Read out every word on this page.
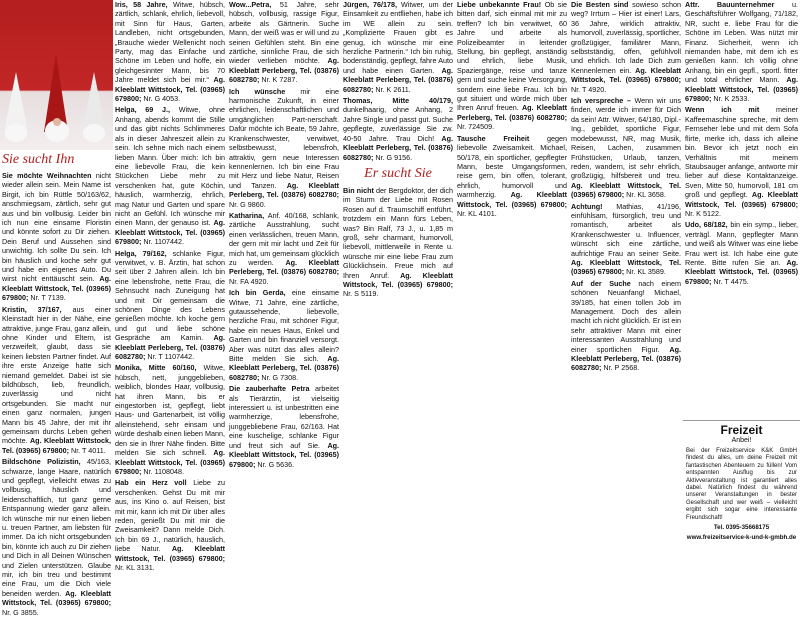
Sie sucht Ihn

Sie möchte Weihnachten nicht wieder allein sein. Mein Name ist Birgit, ich bin Rüttle 50/163/62, anschmiegsam, zärtlich, sehr gut aus und bin vollbusig. Leider bin ich nun eine einsame Floristin und könnte sofort zu Dir ziehen. Dein Beruf und Aussehen sind unwichtig. Ich sollte Du sein. Ich bin häuslich und koche sehr gut und habe ein eigenes Auto. Du wirst nicht enttäuscht sein. Ag. Kleeblatt Wittstock, Tel. (03965) 679800; Nr. T 7139.

Kristin, 37/167, aus einer Kleinstadt hier in der Nähe, eine attraktive, junge Frau, ganz allein, ohne Kinder und Eltern, ist verzweifelt, glaubt, dass sie keinen liebsten Partner findet. Auf ihre erste Anzeige hatte sich niemand gemeldet. Dabei ist sie bildhübsch, lieb, freundlich, zuverlässig und nicht ortsgebunden. Sie macht nur einen ganz normalen, jungen Mann bis 45 Jahre, der mit ihr gemeinsam durchs Leben gehen möchte. Ag. Kleeblatt Wittstock, Tel. (03965) 679800; Nr. T 4011.

Bildschöne Polizistin, 45/163, schwarze, lange Haare, natürlich und gepflegt, vielleicht etwas zu vollbusig, häuslich und leidenschaftlich, tut ganz gerne Entspannung wieder ganz allein. Ich wünsche mir nur einen lieben u. treuen Partner, am liebsten für immer. Da ich nicht ortsgebunden bin, könnte ich auch zu Dir ziehen und Dich in all Deinen Wünschen und Zielen unterstützen. Glaube mir, ich bin treu und bestimmt eine Frau, um die Dich viele beneiden werden. Ag. Kleeblatt Wittstock, Tel. (03965) 679800; Nr. G 3855.

Iris, 58 Jahre, Witwe, hübsch, zärtlich, schlank, ehrlich, liebevoll, mit Sinn für Haus, Garten, Landleben, nicht ortsgebunden, „Brauche wieder Wellenicht noch Party, mag das Einfache und Schöne im Leben und hoffe, ein gleichgesinnter Mann, bis 70 Jahre meldet sich bei mir.“ Ag. Kleeblatt Wittstock, Tel. (03965) 679800; Nr. G 4053.

Helga, 69 J., Witwe, ohne Anhang, abends kommt die Stille und das gibt nichts Schlimmeres als in dieser Jahreszeit allein zu sein. Ich sehne mich nach einem lieben Mann. Über mich: Ich bin eine liebevolle Frau, die kein Stückchen Liebe mehr zu verschenken hat, gute Köchin, häuslich, warmherzig, ehrlich, mag Natur und Garten und spare nicht an Gefühl. Ich wünsche mir einen Mann, der genauso ist. Ag. Kleeblatt Wittstock, Tel. (03965) 679800; Nr. 1107442.

Helga, 79/162, schlanke Figur, verwitwet, v. B. Ärztin, hat schon seit über 2 Jahren allein. Ich bin eine lebensfrohe, nette Frau, die Sehnsucht nach Zuneigung hat und mit Dir gemeinsam die schönen Dinge des Lebens genießen möchte. Ich koche gern und gut und liebe schöne Gespräche am Kamin. Ag. Kleeblatt Perleberg, Tel. (03876) 6082780; Nr. T 1107442.

Monika, Mitte 60/160, Witwe, hübsch, nett, junggeblieben, weiblich, blondes Haar, vollbusig, hat ihren Mann, bis er eingestorben ist, gepflegt, liebt Haus- und Gartenarbeit, ist völlig alleinstehend, sehr einsam und würde deshalb einen lieben Mann, den sie in Ihrer Nähe finden. Bitte melden Sie sich schnell. Ag. Kleeblatt Wittstock, Tel. (03965) 679800; Nr. 1108048.

Hab ein Herz voll Liebe zu verschenken. Gehst Du mit mir aus, ins Kino o. auf Reisen, bist mit mir, kann ich mit Dir über alles reden, genießt Du mit mir die Zweisamkeit? Dann melde Dich. Ich bin 69 J., natürlich, häuslich, liebe Natur. Ag. Kleeblatt Wittstock, Tel. (03965) 679800; Nr. KL 3131.

Wow...Petra, 51 Jahre, sehr hübsch, vollbusig, rassige Figur, arbeite als Gärtnerin. Suche Mann, der weiß was er will und zu seinen Gefühlen steht. Bin eine zärtliche, sinnliche Frau, die sich wieder verlieben möchte. Ag. Kleeblatt Perleberg, Tel. (03876) 6082780; Nr. K 7287.

Ich wünsche mir eine harmonische Zukunft, in einer ehrlichen, leidenschaftlichen und umgänglichen Part-nerschaft. Dafür möchte ich Beate, 59 Jahre, Krankenschwester, verwitwet, selbstbewusst, lebensfroh, attraktiv, gern neue Interessen kennenlernen. Ich bin eine Frau mit Herz und liebe Natur, Reisen und Tanzen. Ag. Kleeblatt Perleberg, Tel. (03876) 6082780; Nr. G 9860.

Katharina, Anf. 40/168, schlank, zärtliche Ausstrahlung, sucht einen verlässlichen, treuen Mann, der gern mit mir lacht und Zeit für mich hat, um gemeinsam glücklich zu werden. Ag. Kleeblatt Perleberg, Tel. (03876) 6082780; Nr. FA 4920.

Ich bin Gerda, eine einsame Witwe, 71 Jahre, eine zärtliche, gutaussehende, liebevolle, herzliche Frau, mit schöner Figur, habe ein neues Haus, Enkel und Garten und bin finanziell versorgt. Aber was nützt das alles allein? Bitte melden Sie sich. Ag. Kleeblatt Perleberg, Tel. (03876) 6082780; Nr. G 7308.

Die zauberhafte Petra arbeitet als Tierärztin, ist vielseitig interessiert u. ist unbestritten eine warmherzige, lebensfrohe, junggebliebene Frau, 62/163. Hat eine kuschelige, schlanke Figur und freut sich auf Sie. Ag. Kleeblatt Wittstock, Tel. (03965) 679800; Nr. G 5636.

Jürgen, 76/178, Witwer, um der Einsamkeit zu entfliehen, habe ich im WE allein zu sein. „Komplizierte Frauen gibt es genug, ich wünsche mir eine herzliche Partnerin.“ Ich bin ruhig, bodenständig, gepflegt, fahre Auto und habe einen Garten. Ag. Kleeblatt Perleberg, Tel. (03876) 6082780; Nr. K 2611.

Thomas, Mitte 40/179, dunkelhaarig, ohne Anhang, 2 Jahre Single und passt gut. Suche gepflegte, zuverlässige Sie zw. 40-50 Jahre. Trau Dich! Ag. Kleeblatt Perleberg, Tel. (03876) 6082780; Nr. G 9156.

Er sucht Sie

Bin nicht der Bergdoktor, der dich im Sturm der Liebe mit Rosen Rosen auf d. Traumschiff entführt, trotzdem ein Mann fürs Leben, was? Bin Ralf, 73 J., u. 1,85 m groß, sehr charmant, humorvoll, liebevoll, mittlerweile in Rente u. wünsche mir eine liebe Frau zum Glücklichsein. Freue mich auf Ihren Anruf. Ag. Kleeblatt Wittstock, Tel. (03965) 679800; Nr. S 5119.

Liebe unbekannte Frau! Ob sie bitten darf, sich einmal mit mir zu treffen? Ich bin verwitwet, 60 Jahre und arbeite als Polizeibeamter in leitender Stellung, bin gepflegt, anständig und ehrlich, liebe Musik, Spaziergänge, reise und tanze gern und suche keine Versorgung, sondern eine liebe Frau. Ich bin gut situiert und würde mich über Ihren Anruf freuen. Ag. Kleeblatt Perleberg, Tel. (03876) 6082780; Nr. 724509.

Tausche Freiheit gegen liebevolle Zweisamkeit. Michael, 50/178, ein sportlicher, gepflegter Mann, beste Umgangsformen, reise gern, bin offen, tolerant, ehrlich, humorvoll und warmherzig. Ag. Kleeblatt Wittstock, Tel. (03965) 679800; Nr. KL 4101.

Die Besten sind sowieso schon weg? Irrtum – Hier ist einer! Lars, 36 Jahre, wirklich attraktiv, humorvoll, zuverlässig, sportlicher, großzügiger, familiärer Mann, selbstständig, offen, gefühlvoll und ehrlich. Ich lade Dich zum Kennenlernen ein. Ag. Kleeblatt Wittstock, Tel. (03965) 679800; Nr. T 4920.

Ich verspreche – Wenn wir uns finden, werde ich immer für Dich da sein! Attr. Witwer, 64/180, Dipl.-Ing., gebildet, sportliche Figur, modebewusst, NR, mag Musik, Reisen, Lachen, zusammen Frühstücken, Urlaub, tanzen, reden, wandern, ist sehr ehrlich, großzügig, hilfsbereit und treu. Ag. Kleeblatt Wittstock, Tel. (03965) 679800; Nr. KL 3658.

Achtung! Mathias, 41/196, einfühlsam, fürsorglich, treu und romantisch, arbeitet als Krankenschwester u. Influencer, wünscht sich eine zärtliche, aufrichtige Frau an seiner Seite. Ag. Kleeblatt Wittstock, Tel. (03965) 679800; Nr. KL 3589.

Auf der Suche nach einem schönen Neuanfang! Michael, 39/185, hat einen tollen Job im Management. Doch des allein macht ich nicht glücklich. Er ist ein sehr attraktiver Mann mit einer interessanten Ausstrahlung und einer sportlichen Figur. Ag. Kleeblatt Perleberg, Tel. (03876) 6082780; Nr. P 2568.

Attr. Bauunternehmer u. Geschäftsführer Wolfgang, 71/182, NR, sucht e. liebe Frau für die Schöne im Leben. Was nützt mir Finanz. Sicherheit, wenn ich niemanden habe, mit dem ich es genießen kann. Ich völlig ohne Anhang, bin ein gepfl., sportl. fitter und total ehrlicher Mann. Ag. Kleeblatt Wittstock, Tel. (03965) 679800; Nr. K 2533.

Wenn ich mit meiner Kaffeemaschine spreche, mit dem Fernseher lebe und mit dem Sofa flirte, merke ich, dass ich alleine bin. Bevor ich jetzt noch ein Verhältnis mit meinem Staubsauger anfange, antworte mir lieber auf diese Kontaktanzeige. Sven, Mitte 50, humorvoll, 181 cm groß und gepflegt. Ag. Kleeblatt Wittstock, Tel. (03965) 679800; Nr. K 5122.

Udo, 68/182, bin ein symp., lieber, verträgl. Mann, gepflegter Mann und weiß als Witwer was eine liebe Frau wert ist. Ich habe eine gute Rente. Bitte rufen Sie an. Ag. Kleeblatt Wittstock, Tel. (03965) 679800; Nr. T 4475.

Freizeit
Anbei!
Bei der Freizeitservice K&K GmbH findest du alles, um deine Freizeit mit fantastischen Abenteuern zu füllen! Vom entspannten Ausflug bis zur Aktivveranstaltung ist garantiert alles dabei. Natürlich findest du während unserer Veranstaltungen in bester Gesellschaft und wer weiß – vielleicht ergibt sich sogar eine interessante Freundschaft!
Tel. 0395-35668175
www.freizeitservice-k-und-k-gmbh.de
